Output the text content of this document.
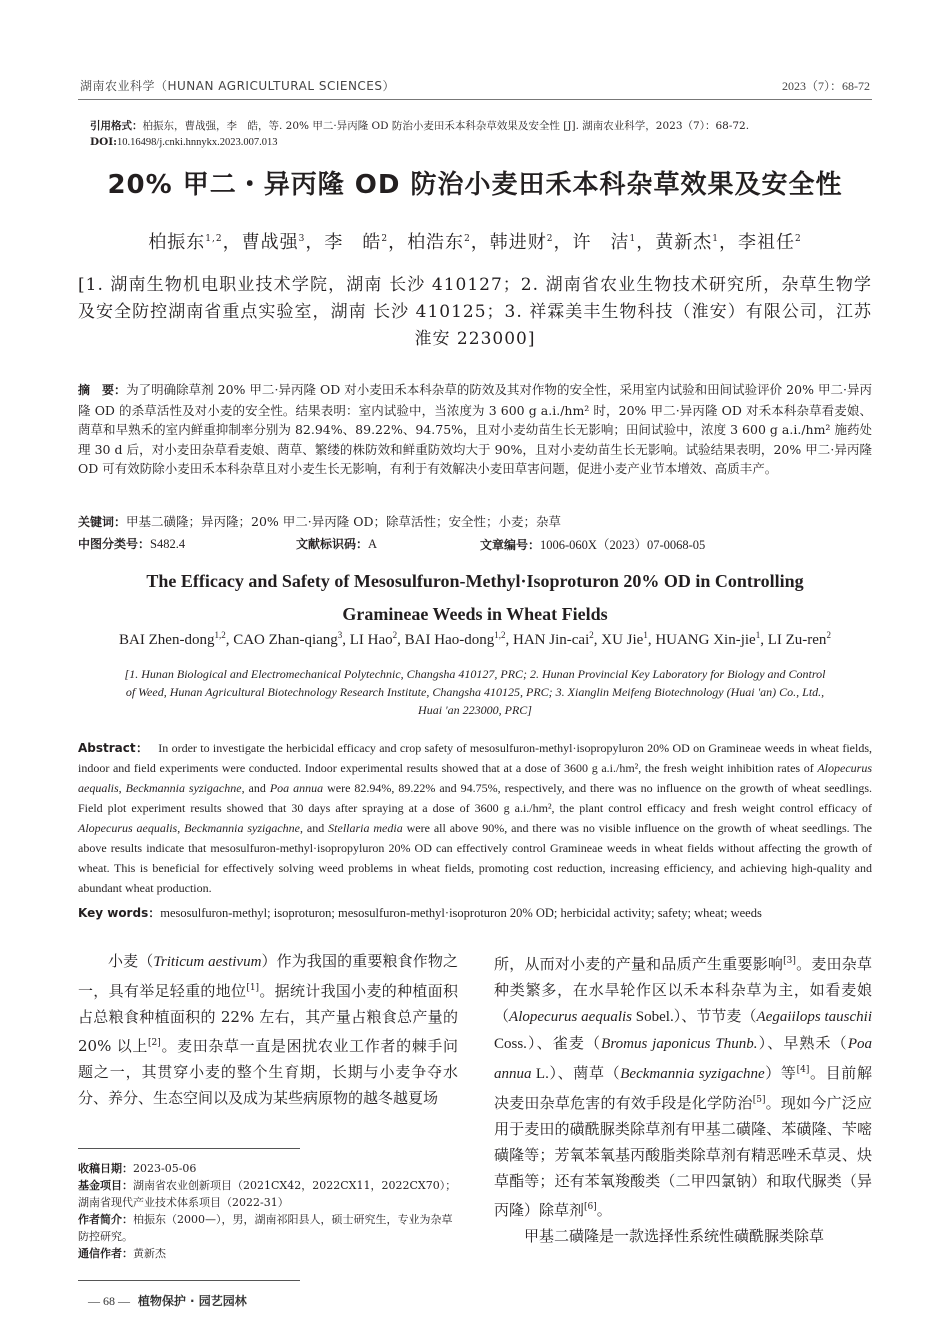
湖南农业科学（HUNAN AGRICULTURAL SCIENCES）	2023（7）：68-72
引用格式：柏振东，曹战强，李　皓，等. 20% 甲二·异丙隆 OD 防治小麦田禾本科杂草效果及安全性 [J]. 湖南农业科学，2023（7）：68-72.
DOI:10.16498/j.cnki.hnnykx.2023.007.013
20% 甲二・异丙隆 OD 防治小麦田禾本科杂草效果及安全性
柏振东$^{1,2}$，曹战强$^3$，李　皓$^2$，柏浩东$^2$，韩进财$^2$，许　洁$^1$，黄新杰$^1$，李祖任$^2$
[1. 湖南生物机电职业技术学院，湖南 长沙 410127；2. 湖南省农业生物技术研究所，杂草生物学及安全防控湖南省重点实验室，湖南 长沙 410125；3. 祥霖美丰生物科技（淮安）有限公司，江苏 淮安 223000]
摘　要：为了明确除草剂 20% 甲二·异丙隆 OD 对小麦田禾本科杂草的防效及其对作物的安全性，采用室内试验和田间试验评价 20% 甲二·异丙隆 OD 的杀草活性及对小麦的安全性。结果表明：室内试验中，当浓度为 3 600 g a.i./hm² 时，20% 甲二·异丙隆 OD 对禾本科杂草看麦娘、菵草和早熟禾的室内鲜重抑制率分别为 82.94%、89.22%、94.75%，且对小麦幼苗生长无影响；田间试验中，浓度 3 600 g a.i./hm² 施药处理 30 d 后，对小麦田杂草看麦娘、菵草、繁缕的株防效和鲜重防效均大于 90%，且对小麦幼苗生长无影响。试验结果表明，20% 甲二·异丙隆 OD 可有效防除小麦田禾本科杂草且对小麦生长无影响，有利于有效解决小麦田草害问题，促进小麦产业节本增效、高质丰产。
关键词：甲基二磺隆；异丙隆；20% 甲二·异丙隆 OD；除草活性；安全性；小麦；杂草
中图分类号：S482.4	文献标识码：A	文章编号：1006-060X（2023）07-0068-05
The Efficacy and Safety of Mesosulfuron-Methyl·Isoproturon 20% OD in Controlling
Gramineae Weeds in Wheat Fields
BAI Zhen-dong$^{1,2}$, CAO Zhan-qiang$^3$, LI Hao$^2$, BAI Hao-dong$^{1,2}$, HAN Jin-cai$^2$, XU Jie$^1$, HUANG Xin-jie$^1$, LI Zu-ren$^2$
[1. Hunan Biological and Electromechanical Polytechnic, Changsha 410127, PRC; 2. Hunan Provincial Key Laboratory for Biology and Control of Weed, Hunan Agricultural Biotechnology Research Institute, Changsha 410125, PRC; 3. Xianglin Meifeng Biotechnology (Huai 'an) Co., Ltd., Huai 'an 223000, PRC]
Abstract： In order to investigate the herbicidal efficacy and crop safety of mesosulfuron-methyl·isopropyluron 20% OD on Gramineae weeds in wheat fields, indoor and field experiments were conducted. Indoor experimental results showed that at a dose of 3600 g a.i./hm², the fresh weight inhibition rates of Alopecurus aequalis, Beckmannia syzigachne, and Poa annua were 82.94%, 89.22% and 94.75%, respectively, and there was no influence on the growth of wheat seedlings. Field plot experiment results showed that 30 days after spraying at a dose of 3600 g a.i./hm², the plant control efficacy and fresh weight control efficacy of Alopecurus aequalis, Beckmannia syzigachne, and Stellaria media were all above 90%, and there was no visible influence on the growth of wheat seedlings. The above results indicate that mesosulfuron-methyl·isopropyluron 20% OD can effectively control Gramineae weeds in wheat fields without affecting the growth of wheat. This is beneficial for effectively solving weed problems in wheat fields, promoting cost reduction, increasing efficiency, and achieving high-quality and abundant wheat production.
Key words：mesosulfuron-methyl; isoproturon; mesosulfuron-methyl·isoproturon 20% OD; herbicidal activity; safety; wheat; weeds

小麦（Triticum aestivum）作为我国的重要粮食作物之一，具有举足轻重的地位[1]。据统计我国小麦的种植面积占总粮食种植面积的 22% 左右，其产量占粮食总产量的 20% 以上[2]。麦田杂草一直是困扰农业工作者的棘手问题之一，其贯穿小麦的整个生育期，长期与小麦争夺水分、养分、生态空间以及成为某些病原物的越冬越夏场

所，从而对小麦的产量和品质产生重要影响[3]。麦田杂草种类繁多，在水旱轮作区以禾本科杂草为主，如看麦娘（Alopecurus aequalis Sobel.）、节节麦（Aegaiilops tauschii Coss.）、雀麦（Bromus japonicus Thunb.）、早熟禾（Poa annua L.）、菵草（Beckmannia syzigachne）等[4]。目前解决麦田杂草危害的有效手段是化学防治[5]。现如今广泛应用于麦田的磺酰脲类除草剂有甲基二磺隆、苯磺隆、苄嘧磺隆等；芳氧苯氧基丙酸脂类除草剂有精恶唑禾草灵、炔草酯等；还有苯氧羧酸类（二甲四氯钠）和取代脲类（异丙隆）除草剂[6]。

甲基二磺隆是一款选择性系统性磺酰脲类除草

收稿日期：2023-05-06
基金项目：湖南省农业创新项目（2021CX42，2022CX11，2022CX70）；湖南省现代产业技术体系项目（2022-31）
作者简介：柏振东（2000—），男，湖南祁阳县人，硕士研究生，专业为杂草防控研究。
通信作者：黄新杰
— 68 — 植物保护 · 园艺园林
